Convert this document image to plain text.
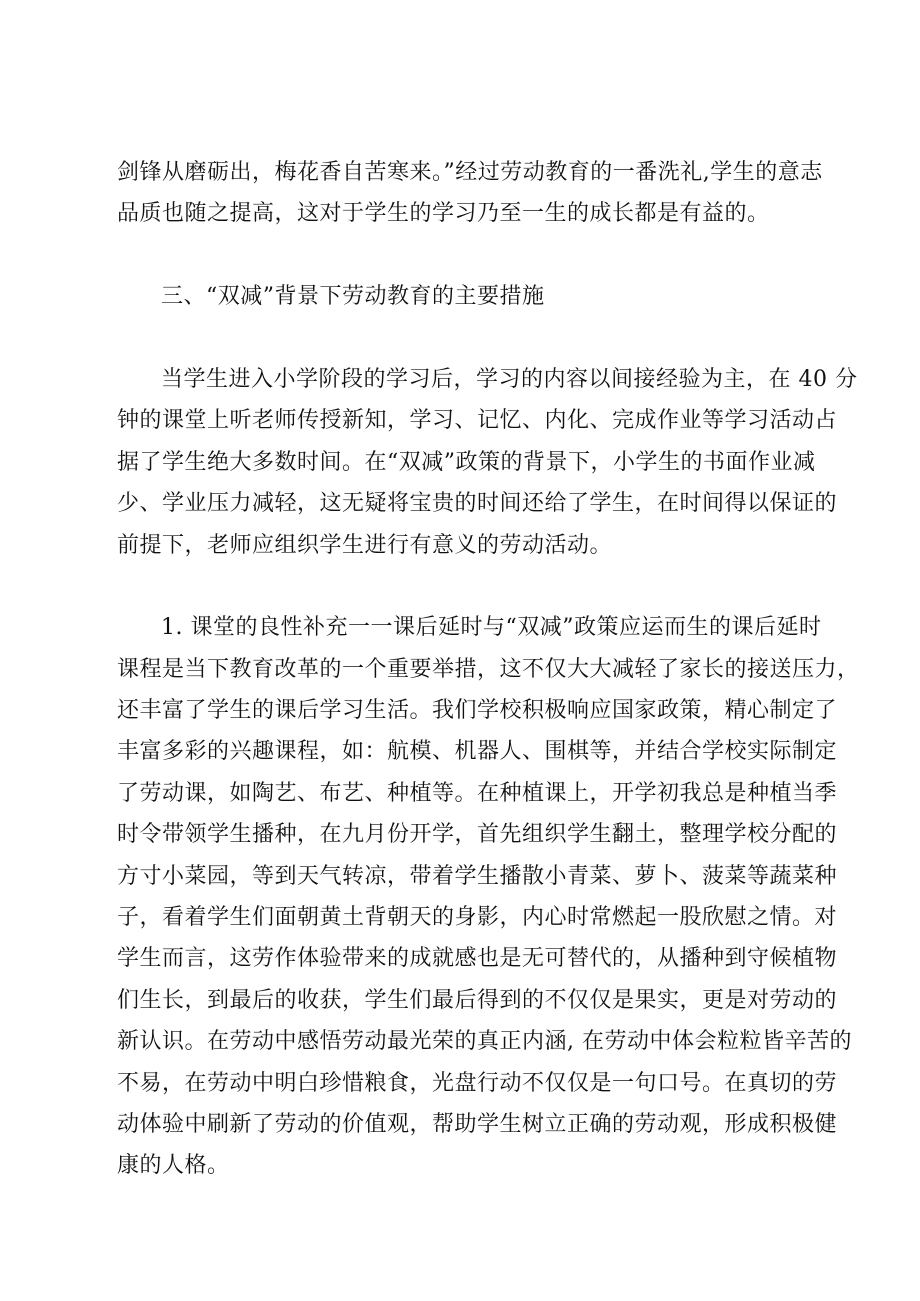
剑锋从磨砺出，梅花香自苦寒来。”经过劳动教育的一番洗礼,学生的意志
品质也随之提高，这对于学生的学习乃至一生的成长都是有益的。
三、“双减”背景下劳动教育的主要措施
当学生进入小学阶段的学习后，学习的内容以间接经验为主，在 40 分
钟的课堂上听老师传授新知，学习、记忆、内化、完成作业等学习活动占
据了学生绝大多数时间。在“双减”政策的背景下，小学生的书面作业减
少、学业压力减轻，这无疑将宝贵的时间还给了学生，在时间得以保证的
前提下，老师应组织学生进行有意义的劳动活动。
1. 课堂的良性补充一一课后延时与“双减”政策应运而生的课后延时
课程是当下教育改革的一个重要举措，这不仅大大减轻了家长的接送压力，
还丰富了学生的课后学习生活。我们学校积极响应国家政策，精心制定了
丰富多彩的兴趣课程，如：航模、机器人、围棋等，并结合学校实际制定
了劳动课，如陶艺、布艺、种植等。在种植课上，开学初我总是种植当季
时令带领学生播种，在九月份开学，首先组织学生翻土，整理学校分配的
方寸小菜园，等到天气转凉，带着学生播散小青菜、萝卜、菠菜等蔬菜种
子，看着学生们面朝黄土背朝天的身影，内心时常燃起一股欣慰之情。对
学生而言，这劳作体验带来的成就感也是无可替代的，从播种到守候植物
们生长，到最后的收获，学生们最后得到的不仅仅是果实，更是对劳动的
新认识。在劳动中感悟劳动最光荣的真正内涵, 在劳动中体会粒粒皆辛苦的
不易，在劳动中明白珍惜粮食，光盘行动不仅仅是一句口号。在真切的劳
动体验中刷新了劳动的价值观，帮助学生树立正确的劳动观，形成积极健
康的人格。
